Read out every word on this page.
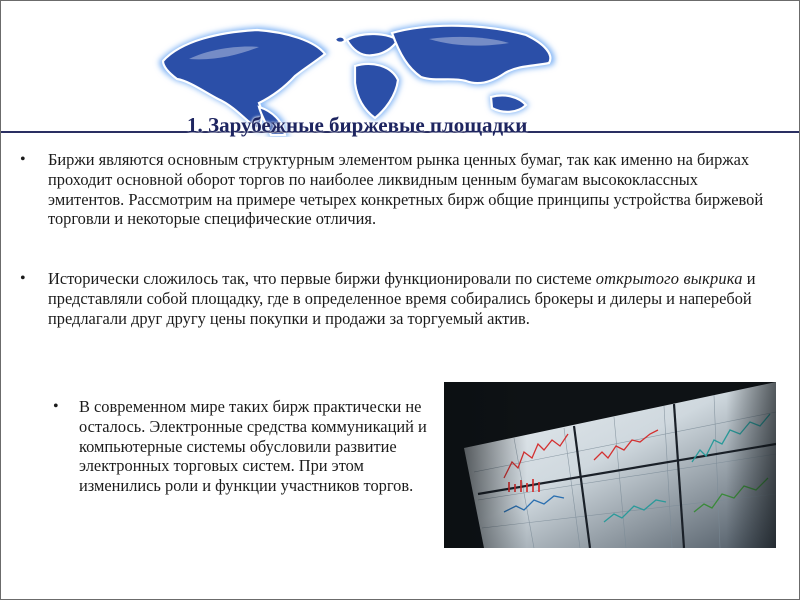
1. Зарубежные биржевые площадки
• Биржи являются основным структурным элементом рынка ценных бумаг, так как именно на биржах проходит основной оборот торгов по наиболее ликвидным ценным бумагам высококлассных эмитентов. Рассмотрим на примере четырех конкретных бирж общие принципы устройства биржевой торговли и некоторые специфические отличия.
• Исторически сложилось так, что первые биржи функционировали по системе открытого выкрика и представляли собой площадку, где в определенное время собирались брокеры и дилеры и наперебой предлагали друг другу цены покупки и продажи за торгуемый актив.
•	В современном мире таких бирж практически не осталось. Электронные средства коммуникаций и компьютерные системы обусловили развитие электронных торговых систем. При этом изменились роли и функции участников торгов.
